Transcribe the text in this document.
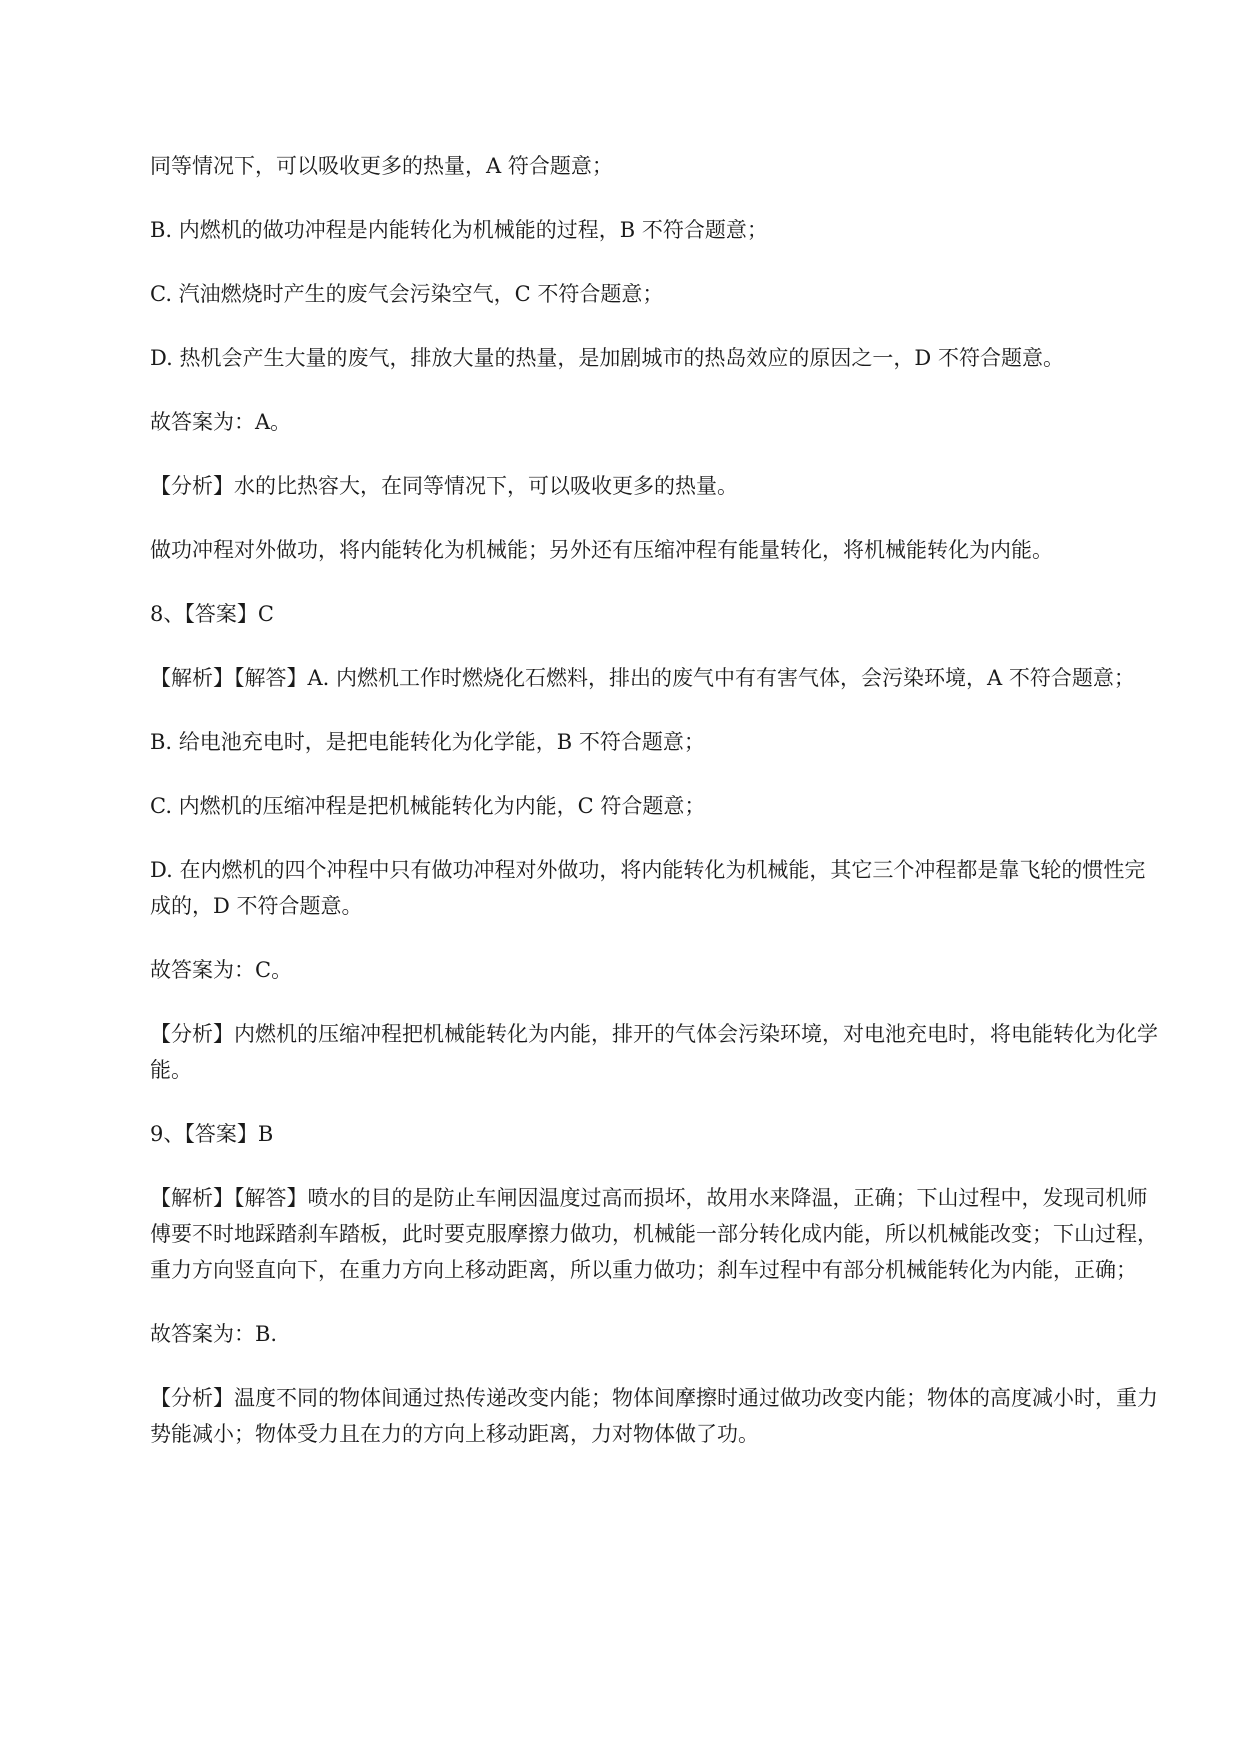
同等情况下，可以吸收更多的热量，A 符合题意；

B. 内燃机的做功冲程是内能转化为机械能的过程，B 不符合题意；

C. 汽油燃烧时产生的废气会污染空气，C 不符合题意；

D. 热机会产生大量的废气，排放大量的热量，是加剧城市的热岛效应的原因之一，D 不符合题意。

故答案为：A。

【分析】水的比热容大，在同等情况下，可以吸收更多的热量。

做功冲程对外做功，将内能转化为机械能；另外还有压缩冲程有能量转化，将机械能转化为内能。

8、【答案】C

【解析】【解答】A. 内燃机工作时燃烧化石燃料，排出的废气中有有害气体，会污染环境，A 不符合题意；

B. 给电池充电时，是把电能转化为化学能，B 不符合题意；

C. 内燃机的压缩冲程是把机械能转化为内能，C 符合题意；

D. 在内燃机的四个冲程中只有做功冲程对外做功，将内能转化为机械能，其它三个冲程都是靠飞轮的惯性完成的，D 不符合题意。

故答案为：C。

【分析】内燃机的压缩冲程把机械能转化为内能，排开的气体会污染环境，对电池充电时，将电能转化为化学能。

9、【答案】B

【解析】【解答】喷水的目的是防止车闸因温度过高而损坏，故用水来降温，正确；下山过程中，发现司机师傅要不时地踩踏刹车踏板，此时要克服摩擦力做功，机械能一部分转化成内能，所以机械能改变；下山过程，重力方向竖直向下，在重力方向上移动距离，所以重力做功；刹车过程中有部分机械能转化为内能，正确；

故答案为：B.

【分析】温度不同的物体间通过热传递改变内能；物体间摩擦时通过做功改变内能；物体的高度减小时，重力势能减小；物体受力且在力的方向上移动距离，力对物体做了功。
